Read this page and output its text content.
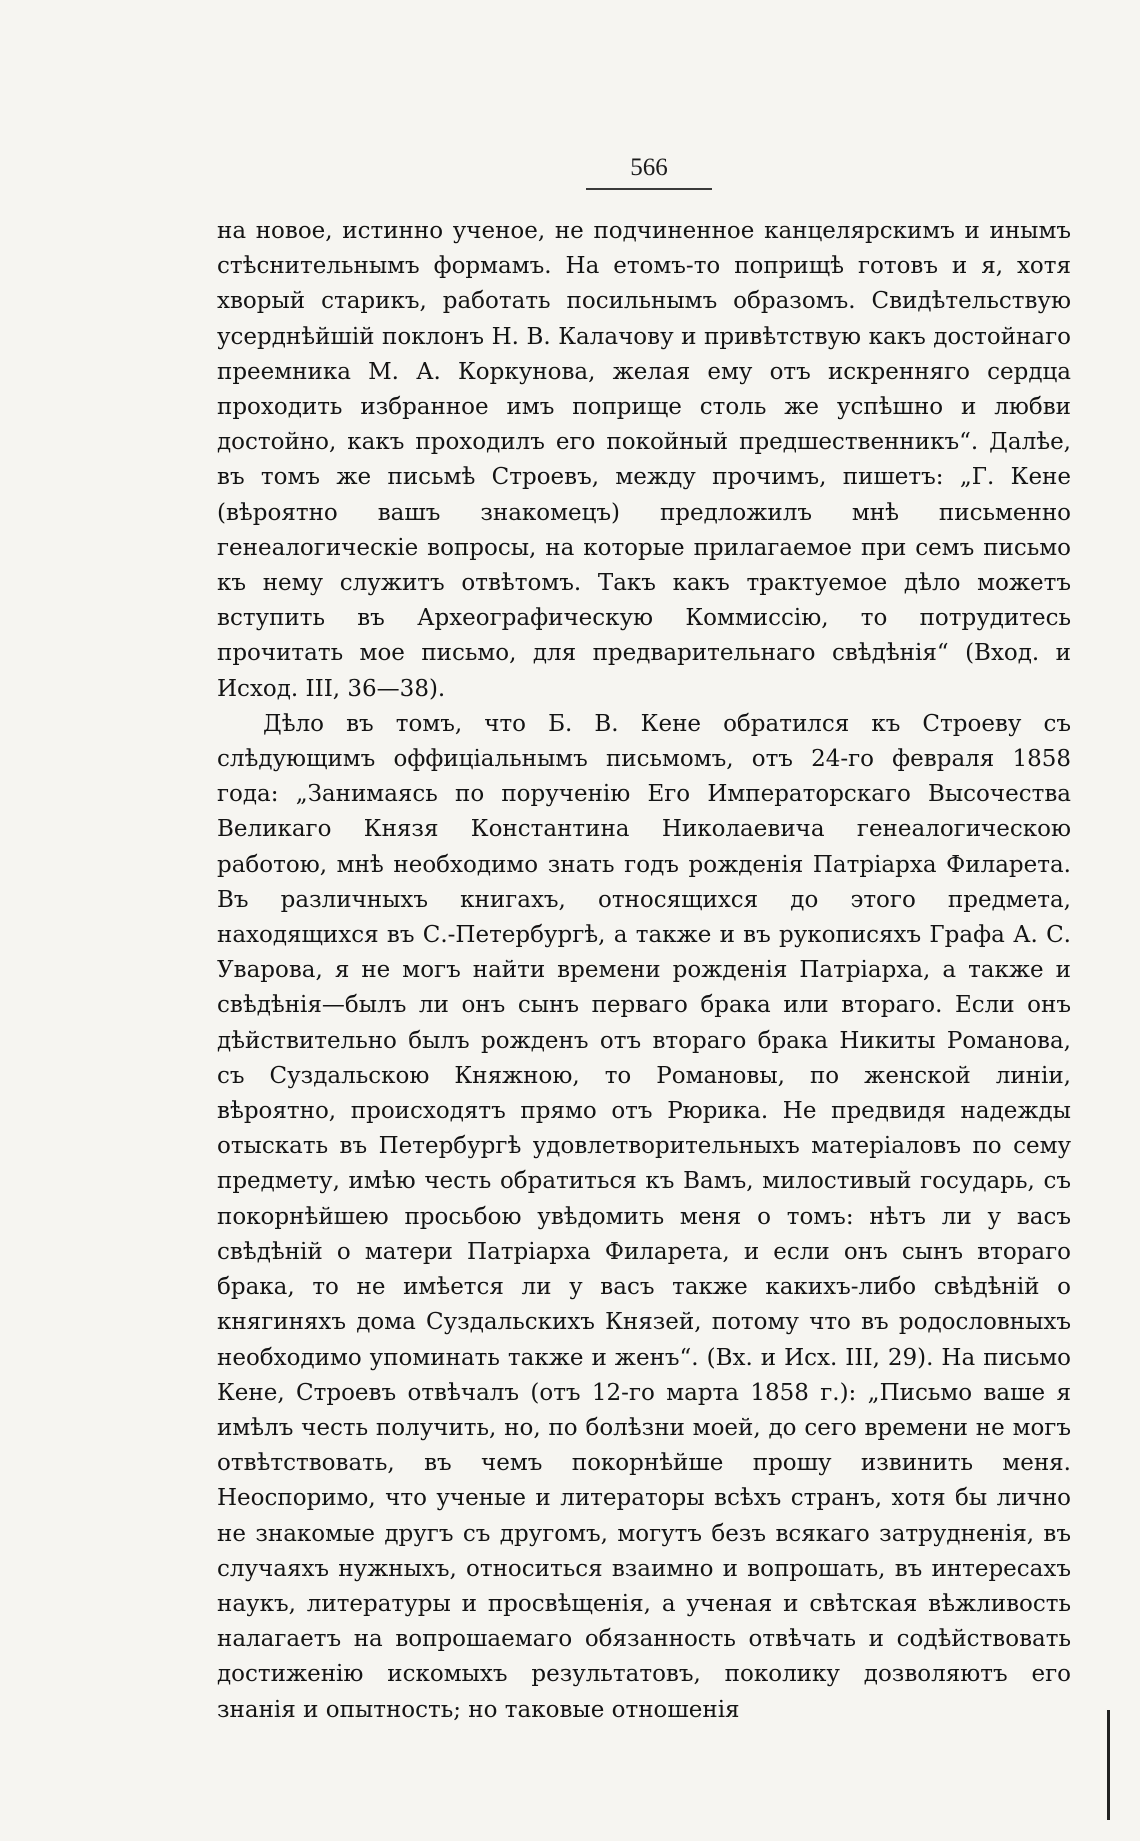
566

на новое, истинно ученое, не подчиненное канцелярскимъ и инымъ стѣснительнымъ формамъ. На етомъ-то поприщѣ готовъ и я, хотя хворый старикъ, работать посильнымъ образомъ. Свидѣтельствую усерднѣйшій поклонъ Н. В. Калачову и привѣтствую какъ достойнаго преемника М. А. Коркунова, желая ему отъ искренняго сердца проходить избранное имъ поприще столь же успѣшно и любви достойно, какъ проходилъ его покойный предшественникъ“. Далѣе, въ томъ же письмѣ Строевъ, между прочимъ, пишетъ: „Г. Кене (вѣроятно вашъ знакомецъ) предложилъ мнѣ письменно генеалогическіе вопросы, на которые прилагаемое при семъ письмо къ нему служитъ отвѣтомъ. Такъ какъ трактуемое дѣло можетъ вступить въ Археографическую Коммиссію, то потрудитесь прочитать мое письмо, для предварительнаго свѣдѣнія“ (Вход. и Исход. III, 36—38).

Дѣло въ томъ, что Б. В. Кене обратился къ Строеву съ слѣдующимъ оффиціальнымъ письмомъ, отъ 24-го февраля 1858 года: „Занимаясь по порученію Его Императорскаго Высочества Великаго Князя Константина Николаевича генеалогическою работою, мнѣ необходимо знать годъ рожденія Патріарха Филарета. Въ различныхъ книгахъ, относящихся до этого предмета, находящихся въ С.-Петербургѣ, а также и въ рукописяхъ Графа А. С. Уварова, я не могъ найти времени рожденія Патріарха, а также и свѣдѣнія—былъ ли онъ сынъ перваго брака или втораго. Если онъ дѣйствительно былъ рожденъ отъ втораго брака Никиты Романова, съ Суздальскою Княжною, то Романовы, по женской линіи, вѣроятно, происходятъ прямо отъ Рюрика. Не предвидя надежды отыскать въ Петербургѣ удовлетворительныхъ матеріаловъ по сему предмету, имѣю честь обратиться къ Вамъ, милостивый государь, съ покорнѣйшею просьбою увѣдомить меня о томъ: нѣтъ ли у васъ свѣдѣній о матери Патріарха Филарета, и если онъ сынъ втораго брака, то не имѣется ли у васъ также какихъ-либо свѣдѣній о княгиняхъ дома Суздальскихъ Князей, потому что въ родословныхъ необходимо упоминать также и женъ“. (Вх. и Исх. III, 29). На письмо Кене, Строевъ отвѣчалъ (отъ 12-го марта 1858 г.): „Письмо ваше я имѣлъ честь получить, но, по болѣзни моей, до сего времени не могъ отвѣтствовать, въ чемъ покорнѣйше прошу извинить меня. Неоспоримо, что ученые и литераторы всѣхъ странъ, хотя бы лично не знакомые другъ съ другомъ, могутъ безъ всякаго затрудненія, въ случаяхъ нужныхъ, относиться взаимно и вопрошать, въ интересахъ наукъ, литературы и просвѣщенія, а ученая и свѣтская вѣжливость налагаетъ на вопрошаемаго обязанность отвѣчать и содѣйствовать достиженію искомыхъ результатовъ, поколику дозволяютъ его знанія и опытность; но таковые отношенія
